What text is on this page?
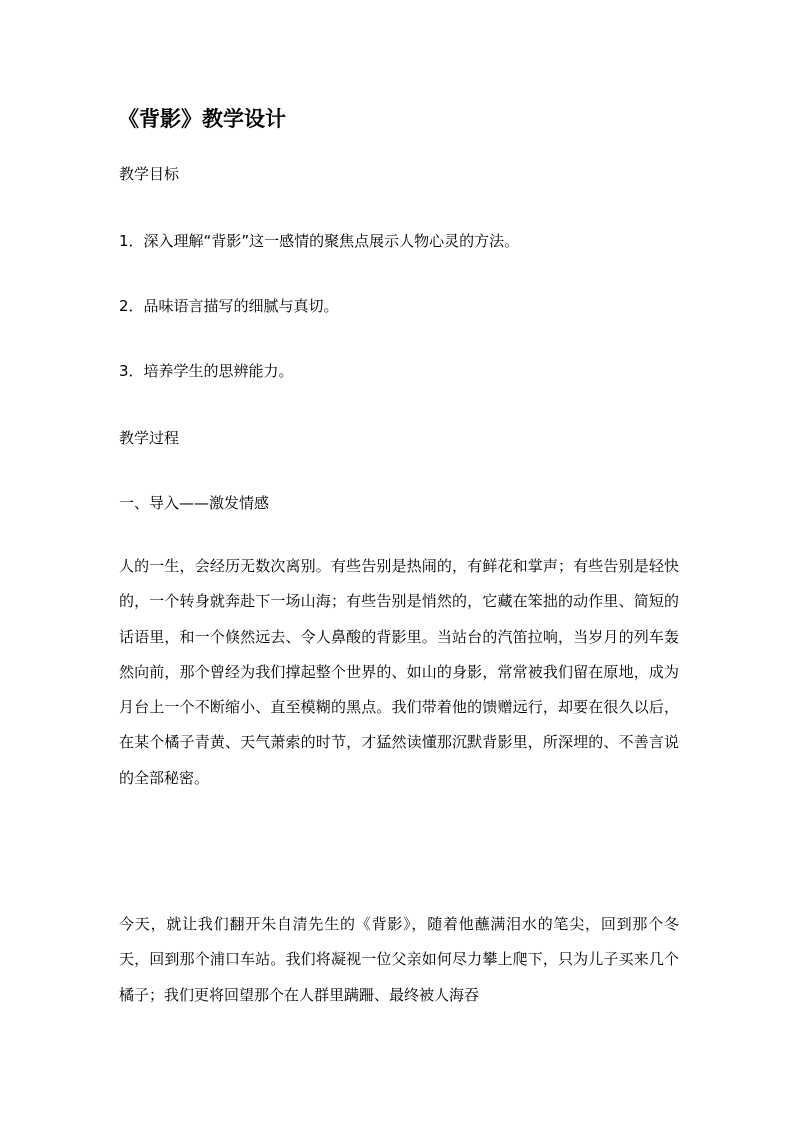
《背影》教学设计
教学目标
1．深入理解“背影”这一感情的聚焦点展示人物心灵的方法。
2．品味语言描写的细腻与真切。
3．培养学生的思辨能力。
教学过程
一、导入——激发情感
人的一生，会经历无数次离别。有些告别是热闹的，有鲜花和掌声；有些告别是轻快的，一个转身就奔赴下一场山海；有些告别是悄然的，它藏在笨拙的动作里、简短的话语里，和一个倏然远去、令人鼻酸的背影里。当站台的汽笛拉响，当岁月的列车轰然向前，那个曾经为我们撑起整个世界的、如山的身影，常常被我们留在原地，成为月台上一个不断缩小、直至模糊的黑点。我们带着他的馈赠远行，却要在很久以后，在某个橘子青黄、天气萧索的时节，才猛然读懂那沉默背影里，所深埋的、不善言说的全部秘密。
今天，就让我们翻开朱自清先生的《背影》，随着他蘸满泪水的笔尖，回到那个冬天，回到那个浦口车站。我们将凝视一位父亲如何尽力攀上爬下，只为儿子买来几个橘子；我们更将回望那个在人群里蹒跚、最终被人海吞
